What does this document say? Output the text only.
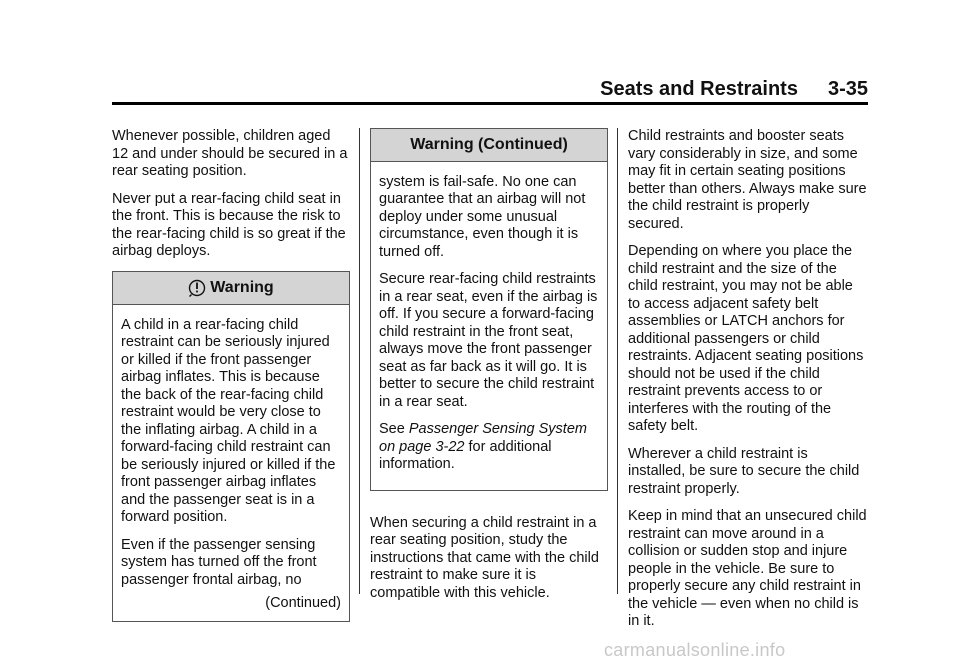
Seats and Restraints 3-35

Whenever possible, children aged 12 and under should be secured in a rear seating position.

Never put a rear-facing child seat in the front. This is because the risk to the rear-facing child is so great if the airbag deploys.

Warning

A child in a rear-facing child restraint can be seriously injured or killed if the front passenger airbag inflates. This is because the back of the rear-facing child restraint would be very close to the inflating airbag. A child in a forward-facing child restraint can be seriously injured or killed if the front passenger airbag inflates and the passenger seat is in a forward position.

Even if the passenger sensing system has turned off the front passenger frontal airbag, no

(Continued)
Warning (Continued)

system is fail-safe. No one can guarantee that an airbag will not deploy under some unusual circumstance, even though it is turned off.

Secure rear-facing child restraints in a rear seat, even if the airbag is off. If you secure a forward-facing child restraint in the front seat, always move the front passenger seat as far back as it will go. It is better to secure the child restraint in a rear seat.

See Passenger Sensing System on page 3-22 for additional information.

When securing a child restraint in a rear seating position, study the instructions that came with the child restraint to make sure it is compatible with this vehicle.

Child restraints and booster seats vary considerably in size, and some may fit in certain seating positions better than others. Always make sure the child restraint is properly secured.

Depending on where you place the child restraint and the size of the child restraint, you may not be able to access adjacent safety belt assemblies or LATCH anchors for additional passengers or child restraints. Adjacent seating positions should not be used if the child restraint prevents access to or interferes with the routing of the safety belt.

Wherever a child restraint is installed, be sure to secure the child restraint properly.

Keep in mind that an unsecured child restraint can move around in a collision or sudden stop and injure people in the vehicle. Be sure to properly secure any child restraint in the vehicle — even when no child is in it.

carmanualsonline.info
